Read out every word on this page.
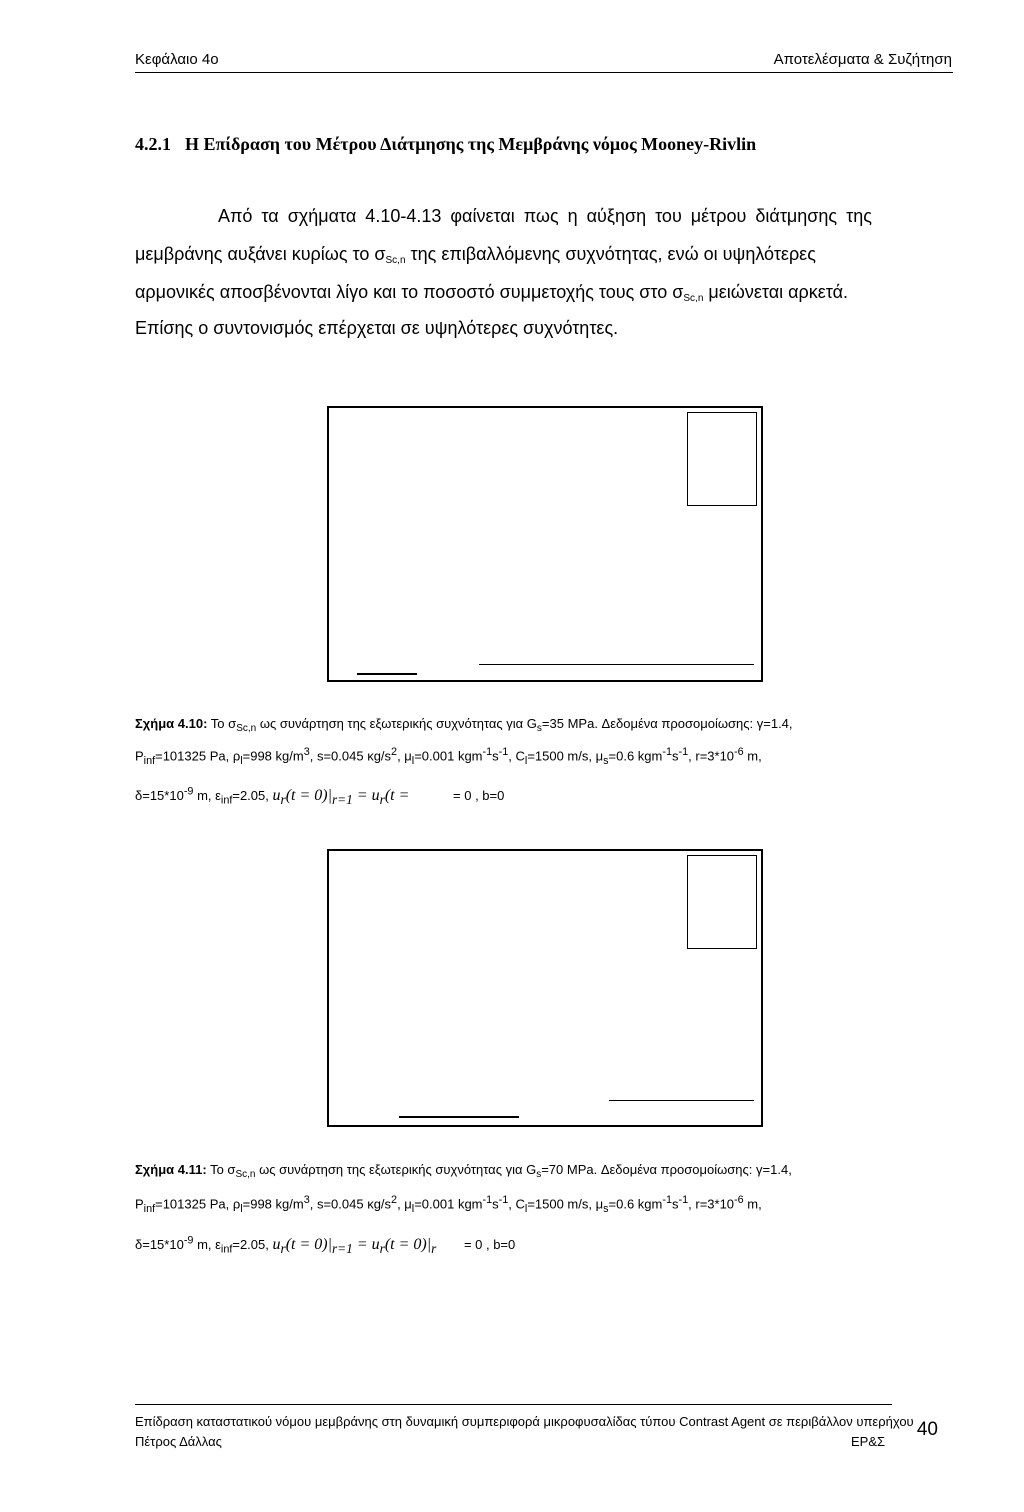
Κεφάλαιο 4ο	Αποτελέσματα & Συζήτηση
4.2.1 Η Επίδραση του Μέτρου Διάτμησης της Μεμβράνης νόμος Mooney-Rivlin
Από τα σχήματα 4.10-4.13 φαίνεται πως η αύξηση του μέτρου διάτμησης της
μεμβράνης αυξάνει κυρίως το $\sigma_{Sc,n}$ της επιβαλλόμενης συχνότητας, ενώ οι υψηλότερες
αρμονικές αποσβένονται λίγο και το ποσοστό συμμετοχής τους στο $\sigma_{Sc,n}$ μειώνεται αρκετά.
Επίσης ο συντονισμός επέρχεται σε υψηλότερες συχνότητες.
Σχήμα 4.10: Το $\sigma_{Sc,n}$ ως συνάρτηση της εξωτερικής συχνότητας για $G_s=35$ MPa. Δεδομένα προσομοίωσης: γ=1.4,
$P_{inf}=101325$ Pa, $\rho_l=998$ $kg/m^3$, s=0.045 $\kappa g/s^2$, $\mu_l=0.001$ $kgm^{-1}s^{-1}$, $C_l=1500$ m/s, $\mu_s=0.6$ $kgm^{-1}s^{-1}$, $r=3*10^{-6}$ m,
$\delta=15*10^{-9}$ m, $\varepsilon_{inf}=2.05$, $u_r(t = 0)|_{r=1} = u_r(t$ =	= 0 , b=0
Σχήμα 4.11: Το $\sigma_{Sc,n}$ ως συνάρτηση της εξωτερικής συχνότητας για $G_s=70$ MPa. Δεδομένα προσομοίωσης: γ=1.4,
$P_{inf}=101325$ Pa, $\rho_l=998$ $kg/m^3$, s=0.045 $\kappa g/s^2$, $\mu_l=0.001$ $kgm^{-1}s^{-1}$, $C_l=1500$ m/s, $\mu_s=0.6$ $kgm^{-1}s^{-1}$, $r=3*10^{-6}$ m,
$\delta=15*10^{-9}$ m, $\varepsilon_{inf}=2.05$, $u_r(t = 0)|_{r=1} = u_r(t = 0)|_r = 0$ , b=0
Επίδραση καταστατικού νόμου μεμβράνης στη δυναμική συμπεριφορά μικροφυσαλίδας τύπου Contrast Agent σε περιβάλλον υπερήχου
Πέτρος Δάλλας	ΕΡ&Σ
40
